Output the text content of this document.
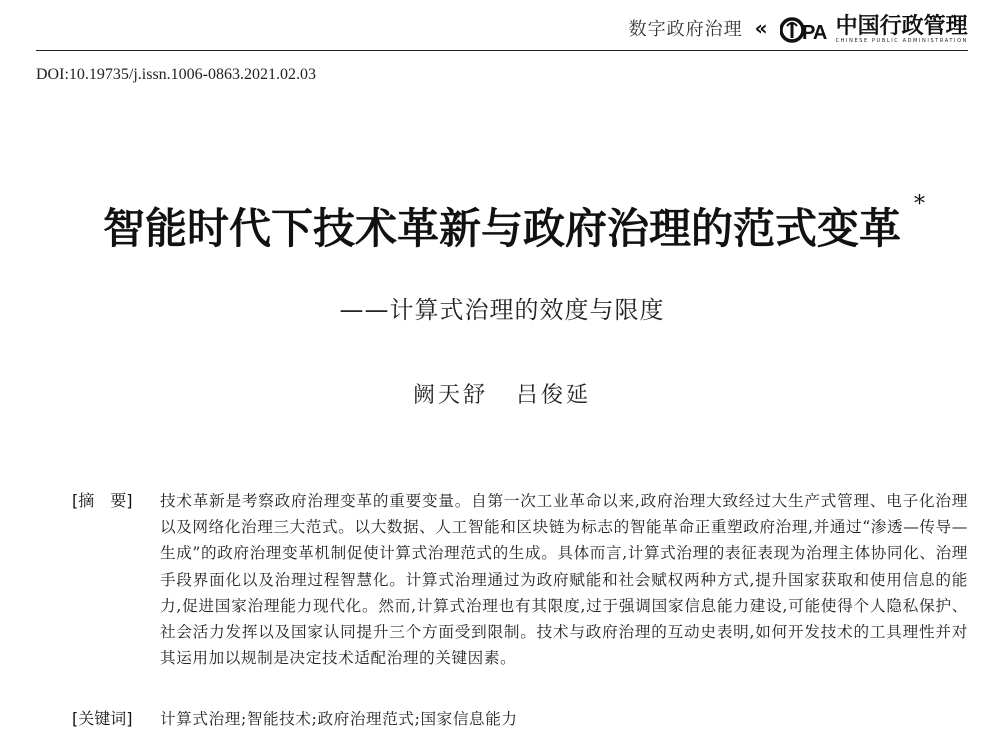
数字政府治理 « PA 中国行政管理
CHINESE PUBLIC ADMINISTRATION
DOI:10.19735/j.issn.1006-0863.2021.02.03
智能时代下技术革新与政府治理的范式变革 *
——计算式治理的效度与限度
阙天舒 吕俊延
[摘　要]	技术革新是考察政府治理变革的重要变量。自第一次工业革命以来,政府治理大致经过大生产式管理、电子化治理以及网络化治理三大范式。以大数据、人工智能和区块链为标志的智能革命正重塑政府治理,并通过“渗透—传导—生成”的政府治理变革机制促使计算式治理范式的生成。具体而言,计算式治理的表征表现为治理主体协同化、治理手段界面化以及治理过程智慧化。计算式治理通过为政府赋能和社会赋权两种方式,提升国家获取和使用信息的能力,促进国家治理能力现代化。然而,计算式治理也有其限度,过于强调国家信息能力建设,可能使得个人隐私保护、社会活力发挥以及国家认同提升三个方面受到限制。技术与政府治理的互动史表明,如何开发技术的工具理性并对其运用加以规制是决定技术适配治理的关键因素。
[关键词]	计算式治理;智能技术;政府治理范式;国家信息能力
